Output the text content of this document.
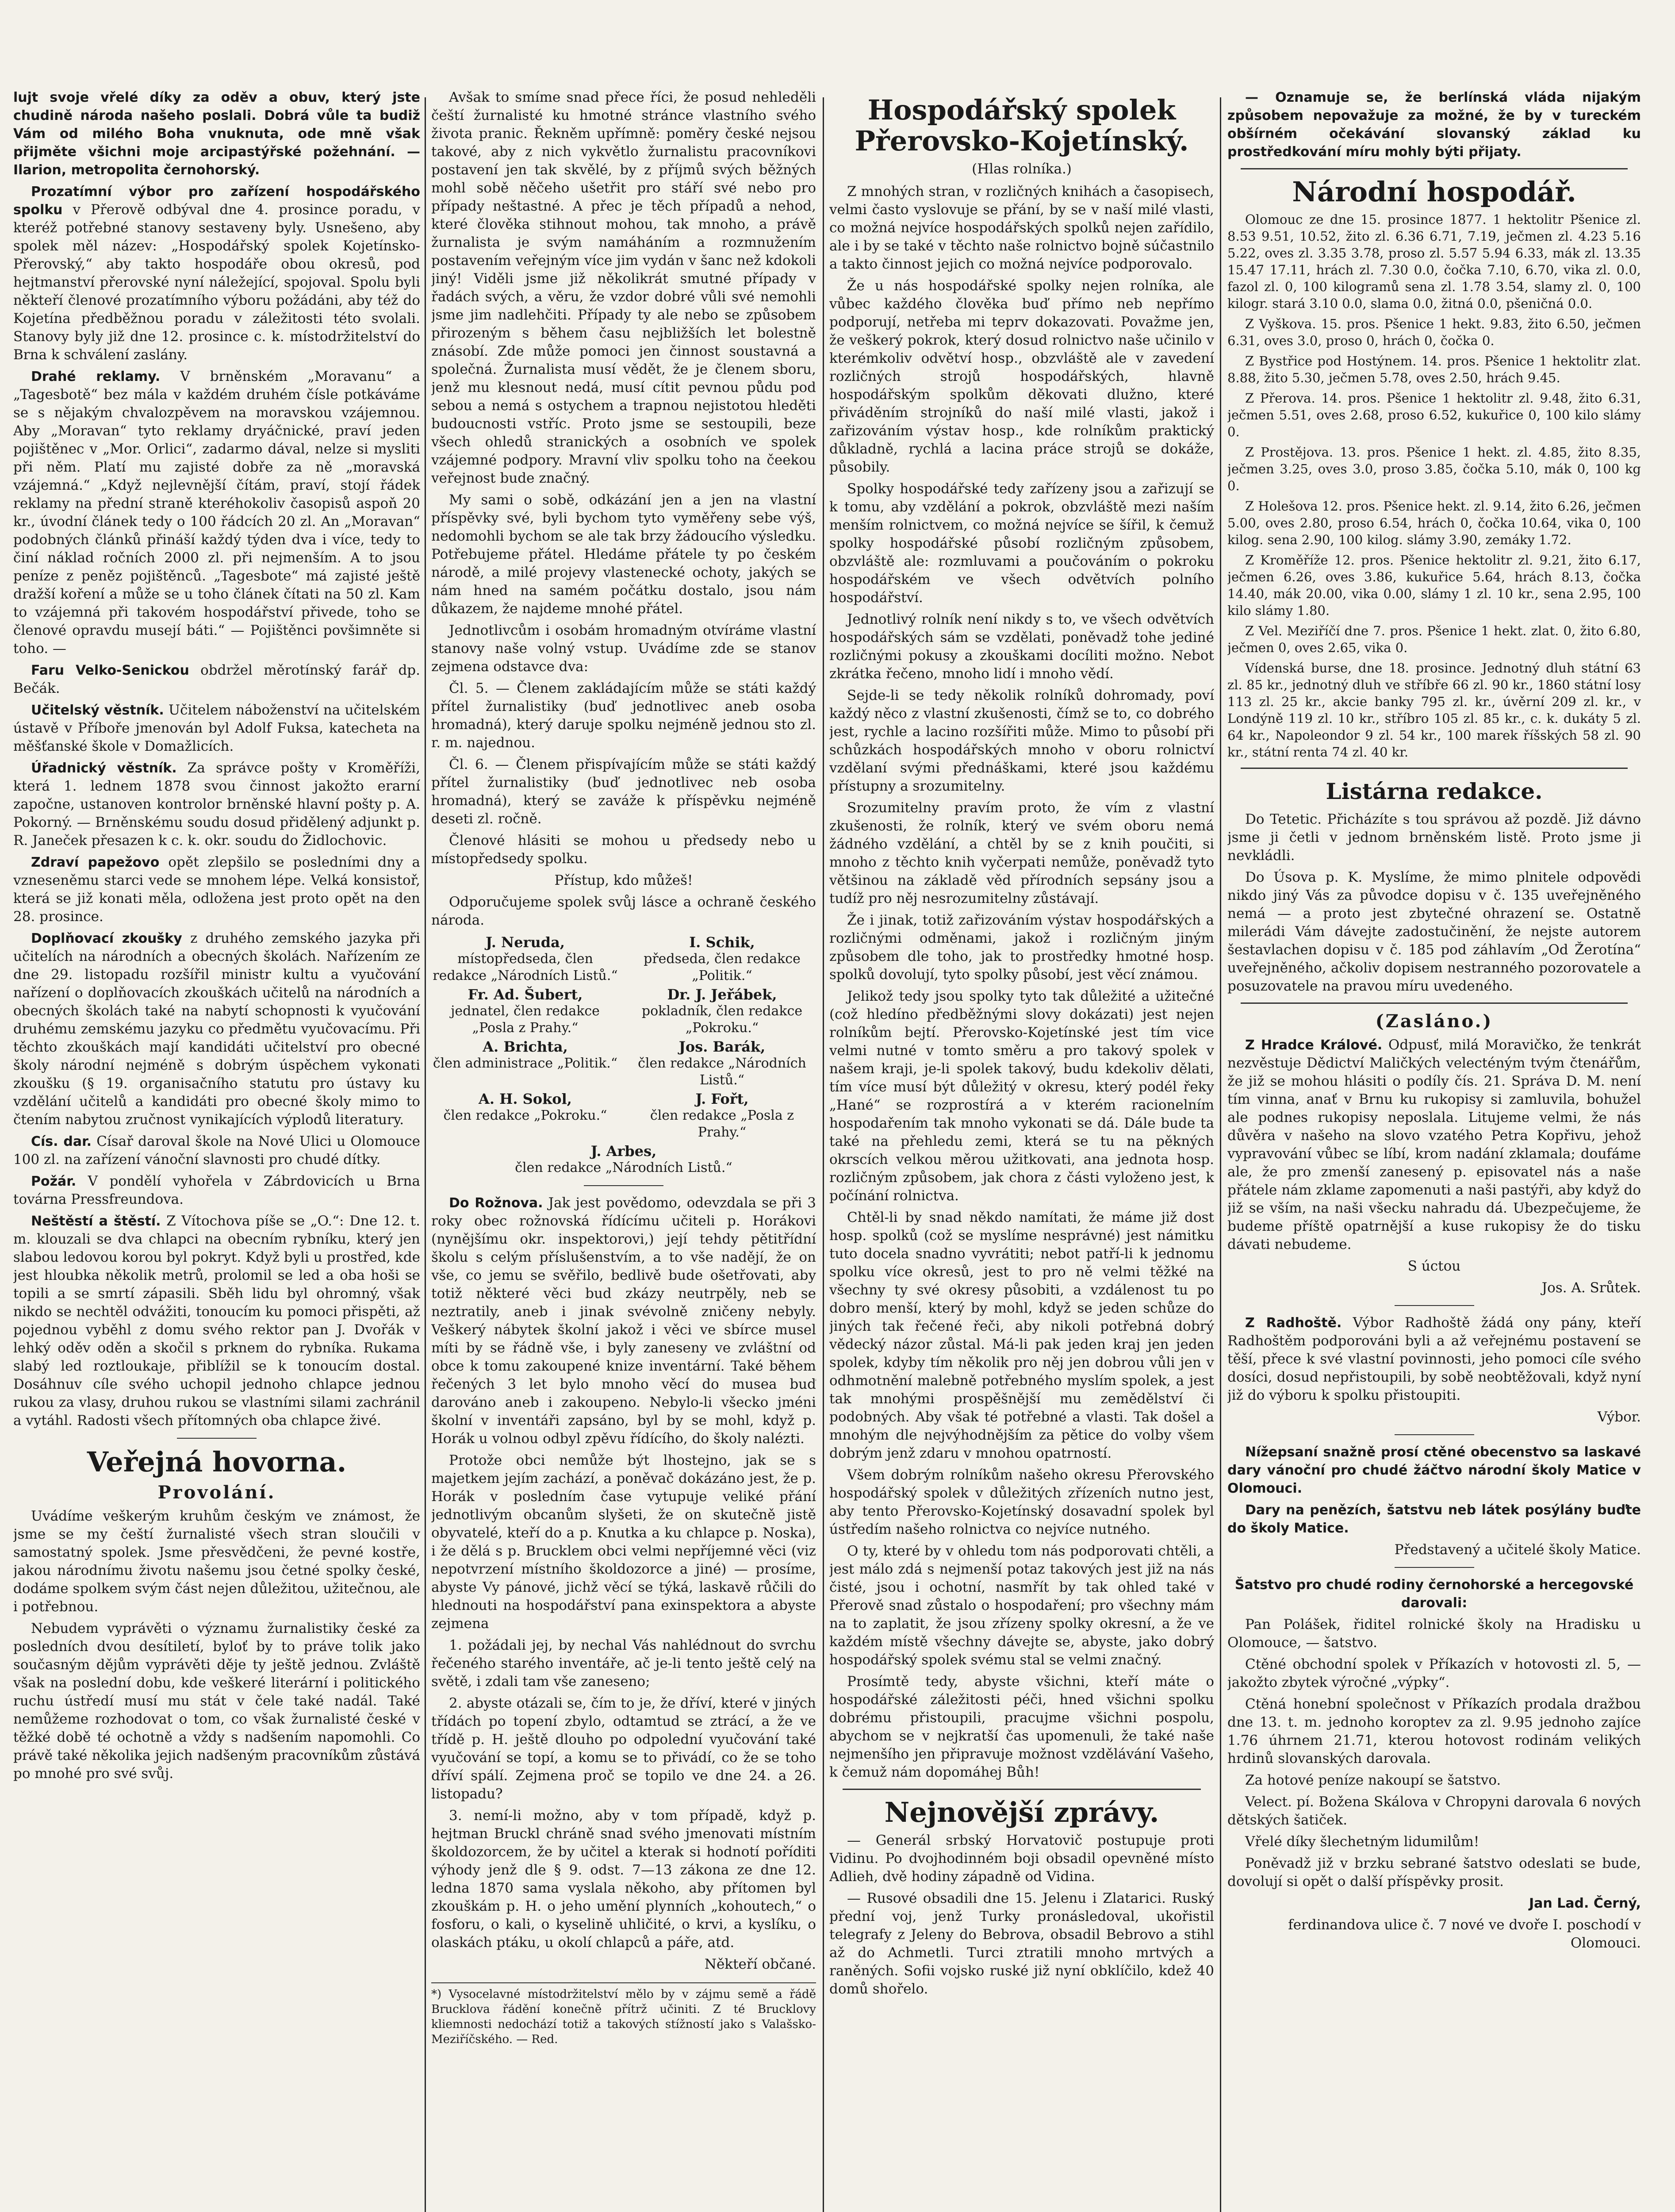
lujt svoje vřelé díky za oděv a obuv, který jste chudině národa našeho poslali. Dobrá vůle ta budiž Vám od milého Boha vnuknuta, ode mně však přijměte všichni moje arcipastýřské požehnání. — Ilarion, metropolita černohorský.

Prozatímní výbor pro zařízení hospodářského spolku v Přerově odbýval dne 4. prosince poradu, v kteréž potřebné stanovy sestaveny byly. Usnešeno, aby spolek měl název: „Hospodářský spolek Kojetínsko-Přerovský,“ aby takto hospodáře obou okresů, pod hejtmanství přerovské nyní náležející, spojoval. Spolu byli někteří členové prozatímního výboru požádáni, aby též do Kojetína předběžnou poradu v záležitosti této svolali. Stanovy byly již dne 12. prosince c. k. místodržitelství do Brna k schválení zaslány.

Drahé reklamy. V brněnském „Moravanu“ a „Tagesbotě“ bez mála v každém druhém čísle potkáváme se s nějakým chvalozpěvem na moravskou vzájemnou. Aby „Moravan“ tyto reklamy dryáčnické, praví jeden pojištěnec v „Mor. Orlici“, zadarmo dával, nelze si mysliti při něm. Platí mu zajisté dobře za ně „moravská vzájemná.“ „Když nejlevnější čítám, praví, stojí řádek reklamy na přední straně kteréhokoliv časopisů aspoň 20 kr., úvodní článek tedy o 100 řádcích 20 zl. An „Moravan“ podobných článků přináší každý týden dva i více, tedy to činí náklad ročních 2000 zl. při nejmenším. A to jsou peníze z peněz pojištěnců. „Tagesbote“ má zajisté ještě dražší koření a může se u toho článek čítati na 50 zl. Kam to vzájemná při takovém hospodářství přivede, toho se členové opravdu musejí báti.“ — Pojištěnci povšimněte si toho. —

Faru Velko-Senickou obdržel měrotínský farář dp. Bečák.

Učitelský věstník. Učitelem náboženství na učitelském ústavě v Příboře jmenován byl Adolf Fuksa, katecheta na měšťanské škole v Domažlicích.

Úřadnický věstník. Za správce pošty v Kroměříži, která 1. lednem 1878 svou činnost jakožto erarní započne, ustanoven kontrolor brněnské hlavní pošty p. A. Pokorný. — Brněnskému soudu dosud přidělený adjunkt p. R. Janeček přesazen k c. k. okr. soudu do Židlochovic.

Zdraví papežovo opět zlepšilo se posledními dny a vzneseněmu starci vede se mnohem lépe. Velká konsistoř, která se již konati měla, odložena jest proto opět na den 28. prosince.

Doplňovací zkoušky z druhého zemského jazyka při učitelích na národních a obecných školách. Nařízením ze dne 29. listopadu rozšířil ministr kultu a vyučování nařízení o doplňovacích zkouškách učitelů na národních a obecných školách také na nabytí schopnosti k vyučování druhému zemskému jazyku co předmětu vyučovacímu. Při těchto zkouškách mají kandidáti učitelství pro obecné školy národní nejméně s dobrým úspěchem vykonati zkoušku (§ 19. organisačního statutu pro ústavy ku vzdělání učitelů a kandidáti pro obecné školy mimo to čtením nabytou zručnost vynikajících výplodů literatury.

Cís. dar. Císař daroval škole na Nové Ulici u Olomouce 100 zl. na zařízení vánoční slavnosti pro chudé dítky.

Požár. V pondělí vyhořela v Zábrdovicích u Brna továrna Pressfreundova.

Neštěstí a štěstí. Z Vítochova píše se „O.“: Dne 12. t. m. klouzali se dva chlapci na obecním rybníku, který jen slabou ledovou korou byl pokryt. Když byli u prostřed, kde jest hloubka několik metrů, prolomil se led a oba hoši se topili a se smrtí zápasili. Sběh lidu byl ohromný, však nikdo se nechtěl odvážiti, tonoucím ku pomoci přispěti, až pojednou vyběhl z domu svého rektor pan J. Dvořák v lehký oděv oděn a skočil s prknem do rybníka. Rukama slabý led roztloukaje, přiblížil se k tonoucím dostal. Dosáhnuv cíle svého uchopil jednoho chlapce jednou rukou za vlasy, druhou rukou se vlastními silami zachránil a vytáhl. Radosti všech přítomných oba chlapce živé.

Veřejná hovorna.
Provolání.

Uvádíme veškerým kruhům českým ve známost, že jsme se my čeští žurnalisté všech stran sloučili v samostatný spolek. Jsme přesvědčeni, že pevné kostře, jakou národnímu životu našemu jsou četné spolky české, dodáme spolkem svým část nejen důležitou, užitečnou, ale i potřebnou.

Nebudem vyprávěti o významu žurnalistiky české za posledních dvou desítiletí, byloť by to práve tolik jako současným dějům vyprávěti děje ty ještě jednou. Zvláště však na poslední dobu, kde veškeré literární i politického ruchu ústředí musí mu stát v čele také nadál. Také nemůžeme rozhodovat o tom, co však žurnalisté české v těžké době té ochotně a vždy s nadšením napomohli. Co právě také několika jejich nadšeným pracovníkům zůstává po mnohé pro své svůj.

Avšak to smíme snad přece říci, že posud nehleděli čeští žurnalisté ku hmotné stránce vlastního svého života pranic. Řekněm upřímně: poměry české nejsou takové, aby z nich vykvětlo žurnalistu pracovníkovi postavení jen tak skvělé, by z příjmů svých běžných mohl sobě něčeho ušetřit pro stáří své nebo pro případy neštastné. A přec je těch případů a nehod, které člověka stihnout mohou, tak mnoho, a právě žurnalista je svým namáháním a rozmnužením postavením veřejným více jim vydán v šanc než kdokoli jiný! Viděli jsme již několikrát smutné případy v řadách svých, a věru, že vzdor dobré vůli své nemohli jsme jim nadlehčiti. Případy ty ale nebo se způsobem přirozeným s během času nejbližších let bolestně znásobí. Zde může pomoci jen činnost soustavná a společná. Žurnalista musí vědět, že je členem sboru, jenž mu klesnout nedá, musí cítit pevnou půdu pod sebou a nemá s ostychem a trapnou nejistotou hleděti budoucnosti vstříc. Proto jsme se sestoupili, beze všech ohledů stranických a osobních ve spolek vzájemné podpory. Mravní vliv spolku toho na čeekou veřejnost bude značný.

My sami o sobě, odkázání jen a jen na vlastní příspěvky své, byli bychom tyto vyměřeny sebe výš, nedomohli bychom se ale tak brzy žádoucího výsledku. Potřebujeme přátel. Hledáme přátele ty po českém národě, a milé projevy vlastenecké ochoty, jakých se nám hned na samém počátku dostalo, jsou nám důkazem, že najdeme mnohé přátel.

Jednotlivcům i osobám hromadným otvíráme vlastní stanovy naše volný vstup. Uvádíme zde se stanov zejmena odstavce dva:

Čl. 5. — Členem zakládajícím může se státi každý přítel žurnalistiky (buď jednotlivec aneb osoba hromadná), který daruje spolku nejméně jednou sto zl. r. m. najednou.

Čl. 6. — Členem přispívajícím může se státi každý přítel žurnalistiky (buď jednotlivec neb osoba hromadná), který se zaváže k příspěvku nejméně deseti zl. ročně.

Členové hlásiti se mohou u předsedy nebo u místopředsedy spolku.

Přístup, kdo můžeš!

Odporučujeme spolek svůj lásce a ochraně českého národa.

J. Neruda,
místopředseda, člen redakce „Národních Listů.“
I. Schik,
předseda, člen redakce „Politik.“
Fr. Ad. Šubert,
jednatel, člen redakce „Posla z Prahy.“
Dr. J. Jeřábek,
pokladník, člen redakce „Pokroku.“
A. Brichta,
člen administrace „Politik.“
Jos. Barák,
člen redakce „Národních Listů.“
A. H. Sokol,
člen redakce „Pokroku.“
J. Fořt,
člen redakce „Posla z Prahy.“
J. Arbes,
člen redakce „Národních Listů.“

Do Rožnova. Jak jest povědomo, odevzdala se při 3 roky obec rožnovská řídícímu učiteli p. Horákovi (nynějšímu okr. inspektorovi,) její tehdy pětitřídní školu s celým příslušenstvím, a to vše nadějí, že on vše, co jemu se svěřilo, bedlivě bude ošetřovati, aby totiž některé věci bud zkázy neutrpěly, neb se neztratily, aneb i jinak svévolně zničeny nebyly. Veškerý nábytek školní jakož i věci ve sbírce musel míti by se řádně vše, i byly zaneseny ve zvláštní od obce k tomu zakoupené knize inventární. Také během řečených 3 let bylo mnoho věcí do musea buď darováno aneb i zakoupeno. Nebylo-li všecko jméni školní v inventáři zapsáno, byl by se mohl, když p. Horák u volnou odbyl zpěvu řídícího, do školy nalézti.

Protože obci nemůže být lhostejno, jak se s majetkem jejím zachází, a poněvač dokázáno jest, že p. Horák v posledním čase vytupuje veliké přání jednotlivým obcanům slyšeti, že on skutečně jistě obyvatelé, kteří do a p. Knutka a ku chlapce p. Noska), i že dělá s p. Brucklem obci velmi nepříjemné věci (viz nepotvrzení místního školdozorce a jiné) — prosíme, abyste Vy pánové, jichž věcí se týká, laskavě růčili do hlednouti na hospodářství pana exinspektora a abyste zejmena

1. požádali jej, by nechal Vás nahlédnout do svrchu řečeného starého inventáře, ač je-li tento ještě celý na světě, i zdali tam vše zaneseno;

2. abyste otázali se, čím to je, že dříví, které v jiných třídách po topení zbylo, odtamtud se ztrácí, a že ve třídě p. H. ještě dlouho po odpolední vyučování také vyučování se topí, a komu se to přivádí, co že se toho dříví spálí. Zejmena proč se topilo ve dne 24. a 26. listopadu?

3. nemí-li možno, aby v tom případě, když p. hejtman Bruckl chráně snad svého jmenovati místním školdozorcem, že by učitel a kterak si hodnotí poříditi výhody jenž dle § 9. odst. 7—13 zákona ze dne 12. ledna 1870 sama vyslala někoho, aby přítomen byl zkouškám p. H. o jeho umění plynních „kohoutech,“ o fosforu, o kali, o kyselině uhličité, o krvi, a kyslíku, o olaskách ptáku, u okolí chlapců a páře, atd.

Někteří občané.

*) Vysocelavné místodržitelství mělo by v zájmu semě a řádě Brucklova řádění konečně přítrž učiniti. Z té Brucklovy kliemnosti nedochází totiž a takových stížností jako s Valašsko-Meziříčského. — Red.

Hospodářský spolek Přerovsko-Kojetínský.

(Hlas rolníka.)

Z mnohých stran, v rozličných knihách a časopisech, velmi často vyslovuje se přání, by se v naší milé vlasti, co možná nejvíce hospodářských spolků nejen zařídilo, ale i by se také v těchto naše rolnictvo bojně súčastnilo a takto činnost jejich co možná nejvíce podporovalo.

Že u nás hospodářské spolky nejen rolníka, ale vůbec každého člověka buď přímo neb nepřímo podporují, netřeba mi teprv dokazovati. Považme jen, že veškerý pokrok, který dosud rolnictvo naše učinilo v kterémkoliv odvětví hosp., obzvláště ale v zavedení rozličných strojů hospodářských, hlavně hospodářským spolkům děkovati dlužno, které přiváděním strojníků do naší milé vlasti, jakož i zařizováním výstav hosp., kde rolníkům praktický důkladně, rychlá a lacina práce strojů se dokáže, působily.

Spolky hospodářské tedy zařízeny jsou a zařizují se k tomu, aby vzdělání a pokrok, obzvláště mezi naším menším rolnictvem, co možná nejvíce se šířil, k čemuž spolky hospodářské působí rozličným způsobem, obzvláště ale: rozmluvami a poučováním o pokroku hospodářském ve všech odvětvích polního hospodářství.

Jednotlivý rolník není nikdy s to, ve všech odvětvích hospodářských sám se vzdělati, poněvadž tohe jediné rozličnými pokusy a zkouškami docíliti možno. Nebot zkrátka řečeno, mnoho lidí i mnoho vědí.

Sejde-li se tedy několik rolníků dohromady, poví každý něco z vlastní zkušenosti, čímž se to, co dobrého jest, rychle a lacino rozšířiti může. Mimo to působí při schůzkách hospodářských mnoho v oboru rolnictví vzdělaní svými přednáškami, které jsou každému přístupny a srozumitelny.

Srozumitelny pravím proto, že vím z vlastní zkušenosti, že rolník, který ve svém oboru nemá žádného vzdělání, a chtěl by se z knih poučiti, si mnoho z těchto knih vyčerpati nemůže, poněvadž tyto většinou na základě věd přírodních sepsány jsou a tudíž pro něj nesrozumitelny zůstávají.

Že i jinak, totiž zařizováním výstav hospodářských a rozličnými odměnami, jakož i rozličným jiným způsobem dle toho, jak to prostředky hmotné hosp. spolků dovolují, tyto spolky působí, jest věcí známou.

Jelikož tedy jsou spolky tyto tak důležité a užitečné (což hledíno předběžnými slovy dokázati) jest nejen rolníkům bejtí. Přerovsko-Kojetínské jest tím vice velmi nutné v tomto směru a pro takový spolek v našem kraji, je-li spolek takový, budu kdekoliv dělati, tím více musí být důležitý v okresu, který podél řeky „Hané“ se rozprostírá a v kterém racionelním hospodařením tak mnoho vykonati se dá. Dále bude ta také na přehledu zemi, která se tu na pěkných okrscích velkou měrou užitkovati, ana jednota hosp. rozličným způsobem, jak chora z části vyloženo jest, k počínání rolnictva.

Chtěl-li by snad někdo namítati, že máme již dost hosp. spolků (což se myslíme nesprávné) jest námitku tuto docela snadno vyvrátiti; nebot patří-li k jednomu spolku více okresů, jest to pro ně velmi těžké na všechny ty své okresy působiti, a vzdálenost tu po dobro menší, který by mohl, když se jeden schůze do jiných tak řečené řeči, aby nikoli potřebná dobrý vědecký názor zůstal. Má-li pak jeden kraj jen jeden spolek, kdyby tím několik pro něj jen dobrou vůli jen v odhmotnění malebně potřebného myslím spolek, a jest tak mnohými prospěšnější mu zemědělství či podobných. Aby však té potřebné a vlasti. Tak došel a mnohým dle nejvýhodnějším za pětice do volby všem dobrým jenž zdaru v mnohou opatrností.

Všem dobrým rolníkům našeho okresu Přerovského hospodářský spolek v důležitých zřízeních nutno jest, aby tento Přerovsko-Kojetínský dosavadní spolek byl ústředím našeho rolnictva co nejvíce nutného.

O ty, které by v ohledu tom nás podporovati chtěli, a jest málo zdá s nejmenší potaz takových jest již na nás čisté, jsou i ochotní, nasmřít by tak ohled také v Přerově snad zůstalo o hospodaření; pro všechny mám na to zaplatit, že jsou zřízeny spolky okresní, a že ve každém místě všechny dávejte se, abyste, jako dobrý hospodářský spolek svému stal se velmi značný.

Prosímtě tedy, abyste všichni, kteří máte o hospodářské záležitosti péči, hned všichni spolku dobrému přistoupili, pracujme všichni pospolu, abychom se v nejkratší čas upomenuli, že také naše nejmenšího jen připravuje možnost vzdělávání Vašeho, k čemuž nám dopomáhej Bůh!

Nejnovější zprávy.

— Generál srbský Horvatovič postupuje proti Vidinu. Po dvojhodinném boji obsadil opevněné místo Adlieh, dvě hodiny západně od Vidina.

— Rusové obsadili dne 15. Jelenu i Zlatarici. Ruský přední voj, jenž Turky pronásledoval, ukořistil telegrafy z Jeleny do Bebrova, obsadil Bebrovo a stihl až do Achmetli. Turci ztratili mnoho mrtvých a raněných. Sofii vojsko ruské již nyní obklíčilo, kdež 40 domů shořelo.

— Oznamuje se, že berlínská vláda nijakým způsobem nepovažuje za možné, že by v tureckém obšírném očekávání slovanský základ ku prostředkování míru mohly býti přijaty.

Národní hospodář.

Olomouc ze dne 15. prosince 1877. 1 hektolitr Pšenice zl. 8.53 9.51, 10.52, žito zl. 6.36 6.71, 7.19, ječmen zl. 4.23 5.16 5.22, oves zl. 3.35 3.78, proso zl. 5.57 5.94 6.33, mák zl. 13.35 15.47 17.11, hrách zl. 7.30 0.0, čočka 7.10, 6.70, vika zl. 0.0, fazol zl. 0, 100 kilogramů sena zl. 1.78 3.54, slamy zl. 0, 100 kilogr. stará 3.10 0.0, slama 0.0, žitná 0.0, pšeničná 0.0.

Z Vyškova. 15. pros. Pšenice 1 hekt. 9.83, žito 6.50, ječmen 6.31, oves 3.0, proso 0, hrách 0, čočka 0.

Z Bystřice pod Hostýnem. 14. pros. Pšenice 1 hektolitr zlat. 8.88, žito 5.30, ječmen 5.78, oves 2.50, hrách 9.45.

Z Přerova. 14. pros. Pšenice 1 hektolitr zl. 9.48, žito 6.31, ječmen 5.51, oves 2.68, proso 6.52, kukuřice 0, 100 kilo slámy 0.

Z Prostějova. 13. pros. Pšenice 1 hekt. zl. 4.85, žito 8.35, ječmen 3.25, oves 3.0, proso 3.85, čočka 5.10, mák 0, 100 kg 0.

Z Holešova 12. pros. Pšenice hekt. zl. 9.14, žito 6.26, ječmen 5.00, oves 2.80, proso 6.54, hrách 0, čočka 10.64, vika 0, 100 kilog. sena 2.90, 100 kilog. slámy 3.90, zemáky 1.72.

Z Kroměříže 12. pros. Pšenice hektolitr zl. 9.21, žito 6.17, ječmen 6.26, oves 3.86, kukuřice 5.64, hrách 8.13, čočka 14.40, mák 20.00, vika 0.00, slámy 1 zl. 10 kr., sena 2.95, 100 kilo slámy 1.80.

Z Vel. Meziříčí dne 7. pros. Pšenice 1 hekt. zlat. 0, žito 6.80, ječmen 0, oves 2.65, vika 0.

Vídenská burse, dne 18. prosince. Jednotný dluh státní 63 zl. 85 kr., jednotný dluh ve stříbře 66 zl. 90 kr., 1860 státní losy 113 zl. 25 kr., akcie banky 795 zl. kr., úvěrní 209 zl. kr., v Londýně 119 zl. 10 kr., stříbro 105 zl. 85 kr., c. k. dukáty 5 zl. 64 kr., Napoleondor 9 zl. 54 kr., 100 marek říšských 58 zl. 90 kr., státní renta 74 zl. 40 kr.

Listárna redakce.

Do Tetetic. Přicházíte s tou správou až pozdě. Již dávno jsme ji četli v jednom brněnském listě. Proto jsme ji nevkládli.

Do Úsova p. K. Myslíme, že mimo plnitele odpovědi nikdo jiný Vás za původce dopisu v č. 135 uveřejněného nemá — a proto jest zbytečné ohrazení se. Ostatně milerádi Vám dávejte zadostučinění, že nejste autorem šestavlachen dopisu v č. 185 pod záhlavím „Od Žerotína“ uveřejněného, ačkoliv dopisem nestranného pozorovatele a posuzovatele na pravou míru uvedeného.

(Zasláno.)

Z Hradce Králové. Odpusť, milá Moravičko, že tenkrát nezvěstuje Dědictví Maličkých velecténým tvým čtenářům, že již se mohou hlásiti o podíly čís. 21. Správa D. M. není tím vinna, anať v Brnu ku rukopisy si zamluvila, bohužel ale podnes rukopisy neposlala. Litujeme velmi, že nás důvěra v našeho na slovo vzatého Petra Kopřivu, jehož vypravování vůbec se líbí, krom nadání zklamala; doufáme ale, že pro zmenší zanesený p. episovatel nás a naše přátele nám zklame zapomenuti a naši pastýři, aby když do již se vším, na naši všecku nahradu dá. Ubezpečujeme, že budeme příště opatrnější a kuse rukopisy že do tisku dávati nebudeme.

S úctou

Jos. A. Srůtek.

Z Radhoště. Výbor Radhoště žádá ony pány, kteří Radhoštěm podporováni byli a až veřejnému postavení se těší, přece k své vlastní povinnosti, jeho pomoci cíle svého dosíci, dosud nepřistoupili, by sobě neobtěžovali, když nyní již do výboru k spolku přistoupiti.

Výbor.

Nížepsaní snažně prosí ctěné obecenstvo sa laskavé dary vánoční pro chudé žáčtvo národní školy Matice v Olomouci.

Dary na penězích, šatstvu neb látek posýlány buďte do školy Matice.

Představený a učitelé školy Matice.

Šatstvo pro chudé rodiny černohorské a hercegovské darovali:

Pan Polášek, řiditel rolnické školy na Hradisku u Olomouce, — šatstvo.

Ctěné obchodní spolek v Příkazích v hotovosti zl. 5, — jakožto zbytek výročné „výpky“.

Ctěná honební společnost v Příkazích prodala dražbou dne 13. t. m. jednoho koroptev za zl. 9.95 jednoho zajíce 1.76 úhrnem 21.71, kterou hotovost rodinám velikých hrdinů slovanských darovala.

Za hotové peníze nakoupí se šatstvo.

Velect. pí. Božena Skálova v Chropyni darovala 6 nových dětských šatiček.

Vřelé díky šlechetným lidumilům!

Poněvadž již v brzku sebrané šatstvo odeslati se bude, dovolují si opět o další příspěvky prosit.

Jan Lad. Černý,

ferdinandova ulice č. 7 nové ve dvoře I. poschodí v Olomouci.
